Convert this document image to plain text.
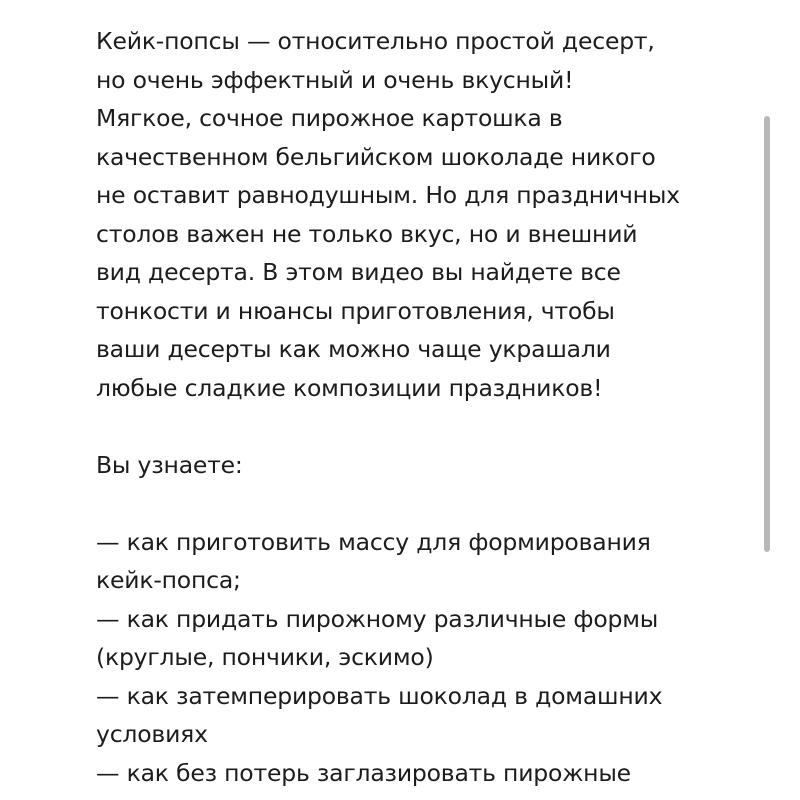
Кейк-попсы — относительно простой десерт,
но очень эффектный и очень вкусный!
Мягкое, сочное пирожное картошка в
качественном бельгийском шоколаде никого
не оставит равнодушным. Но для праздничных
столов важен не только вкус, но и внешний
вид десерта. В этом видео вы найдете все
тонкости и нюансы приготовления, чтобы
ваши десерты как можно чаще украшали
любые сладкие композиции праздников!
Вы узнаете:
— как приготовить массу для формирования
кейк-попса;
— как придать пирожному различные формы
(круглые, пончики, эскимо)
— как затемперировать шоколад в домашних
условиях
— как без потерь заглазировать пирожные
